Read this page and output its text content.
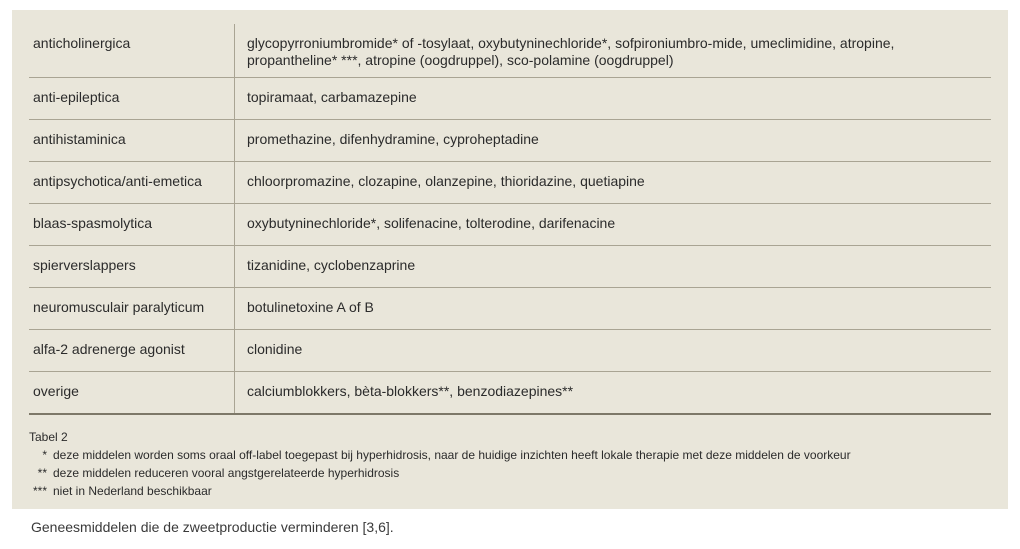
anticholinergica	glycopyrroniumbromide* of -tosylaat, oxybutyninechloride*, sofpironiumbro-mide, umeclimidine, atropine,
propantheline* ***, atropine (oogdruppel), sco-polamine (oogdruppel)
anti-epileptica	topiramaat, carbamazepine
antihistaminica	promethazine, difenhydramine, cyproheptadine
antipsychotica/anti-emetica	chloorpromazine, clozapine, olanzepine, thioridazine, quetiapine
blaas-spasmolytica	oxybutyninechloride*, solifenacine, tolterodine, darifenacine
spierverslappers	tizanidine, cyclobenzaprine
neuromusculair paralyticum	botulinetoxine A of B
alfa-2 adrenerge agonist	clonidine
overige	calciumblokkers, bèta-blokkers**, benzodiazepines**
Tabel 2
* deze middelen worden soms oraal off-label toegepast bij hyperhidrosis, naar de huidige inzichten heeft lokale therapie met deze middelen de voorkeur
** deze middelen reduceren vooral angstgerelateerde hyperhidrosis
*** niet in Nederland beschikbaar
Geneesmiddelen die de zweetproductie verminderen [3,6].
